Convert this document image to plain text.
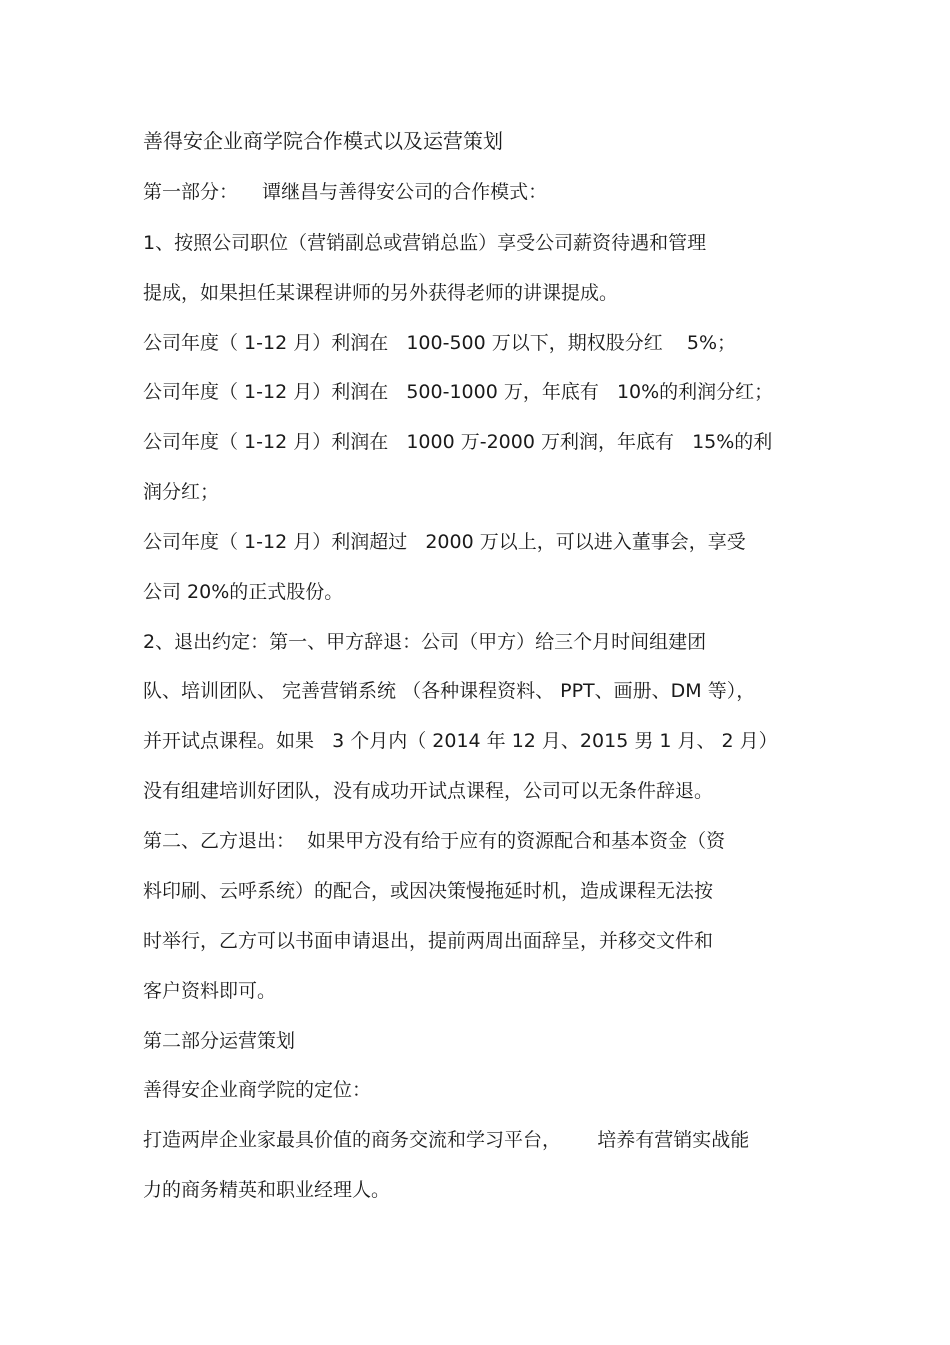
善得安企业商学院合作模式以及运营策划
第一部分：    谭继昌与善得安公司的合作模式：
1、按照公司职位（营销副总或营销总监）享受公司薪资待遇和管理
提成，如果担任某课程讲师的另外获得老师的讲课提成。
公司年度（ 1-12 月）利润在   100-500 万以下，期权股分红    5%；
公司年度（ 1-12 月）利润在   500-1000 万，年底有   10%的利润分红；
公司年度（ 1-12 月）利润在   1000 万-2000 万利润，年底有   15%的利
润分红；
公司年度（ 1-12 月）利润超过   2000 万以上，可以进入董事会，享受
公司 20%的正式股份。
2、退出约定：第一、甲方辞退：公司（甲方）给三个月时间组建团
队、培训团队、 完善营销系统 （各种课程资料、 PPT、画册、DM 等），
并开试点课程。如果   3 个月内（ 2014 年 12 月、2015 男 1 月、 2 月）
没有组建培训好团队，没有成功开试点课程，公司可以无条件辞退。
第二、乙方退出：  如果甲方没有给于应有的资源配合和基本资金（资
料印刷、云呼系统）的配合，或因决策慢拖延时机，造成课程无法按
时举行，乙方可以书面申请退出，提前两周出面辞呈，并移交文件和
客户资料即可。
第二部分运营策划
善得安企业商学院的定位：
打造两岸企业家最具价值的商务交流和学习平台，      培养有营销实战能
力的商务精英和职业经理人。
